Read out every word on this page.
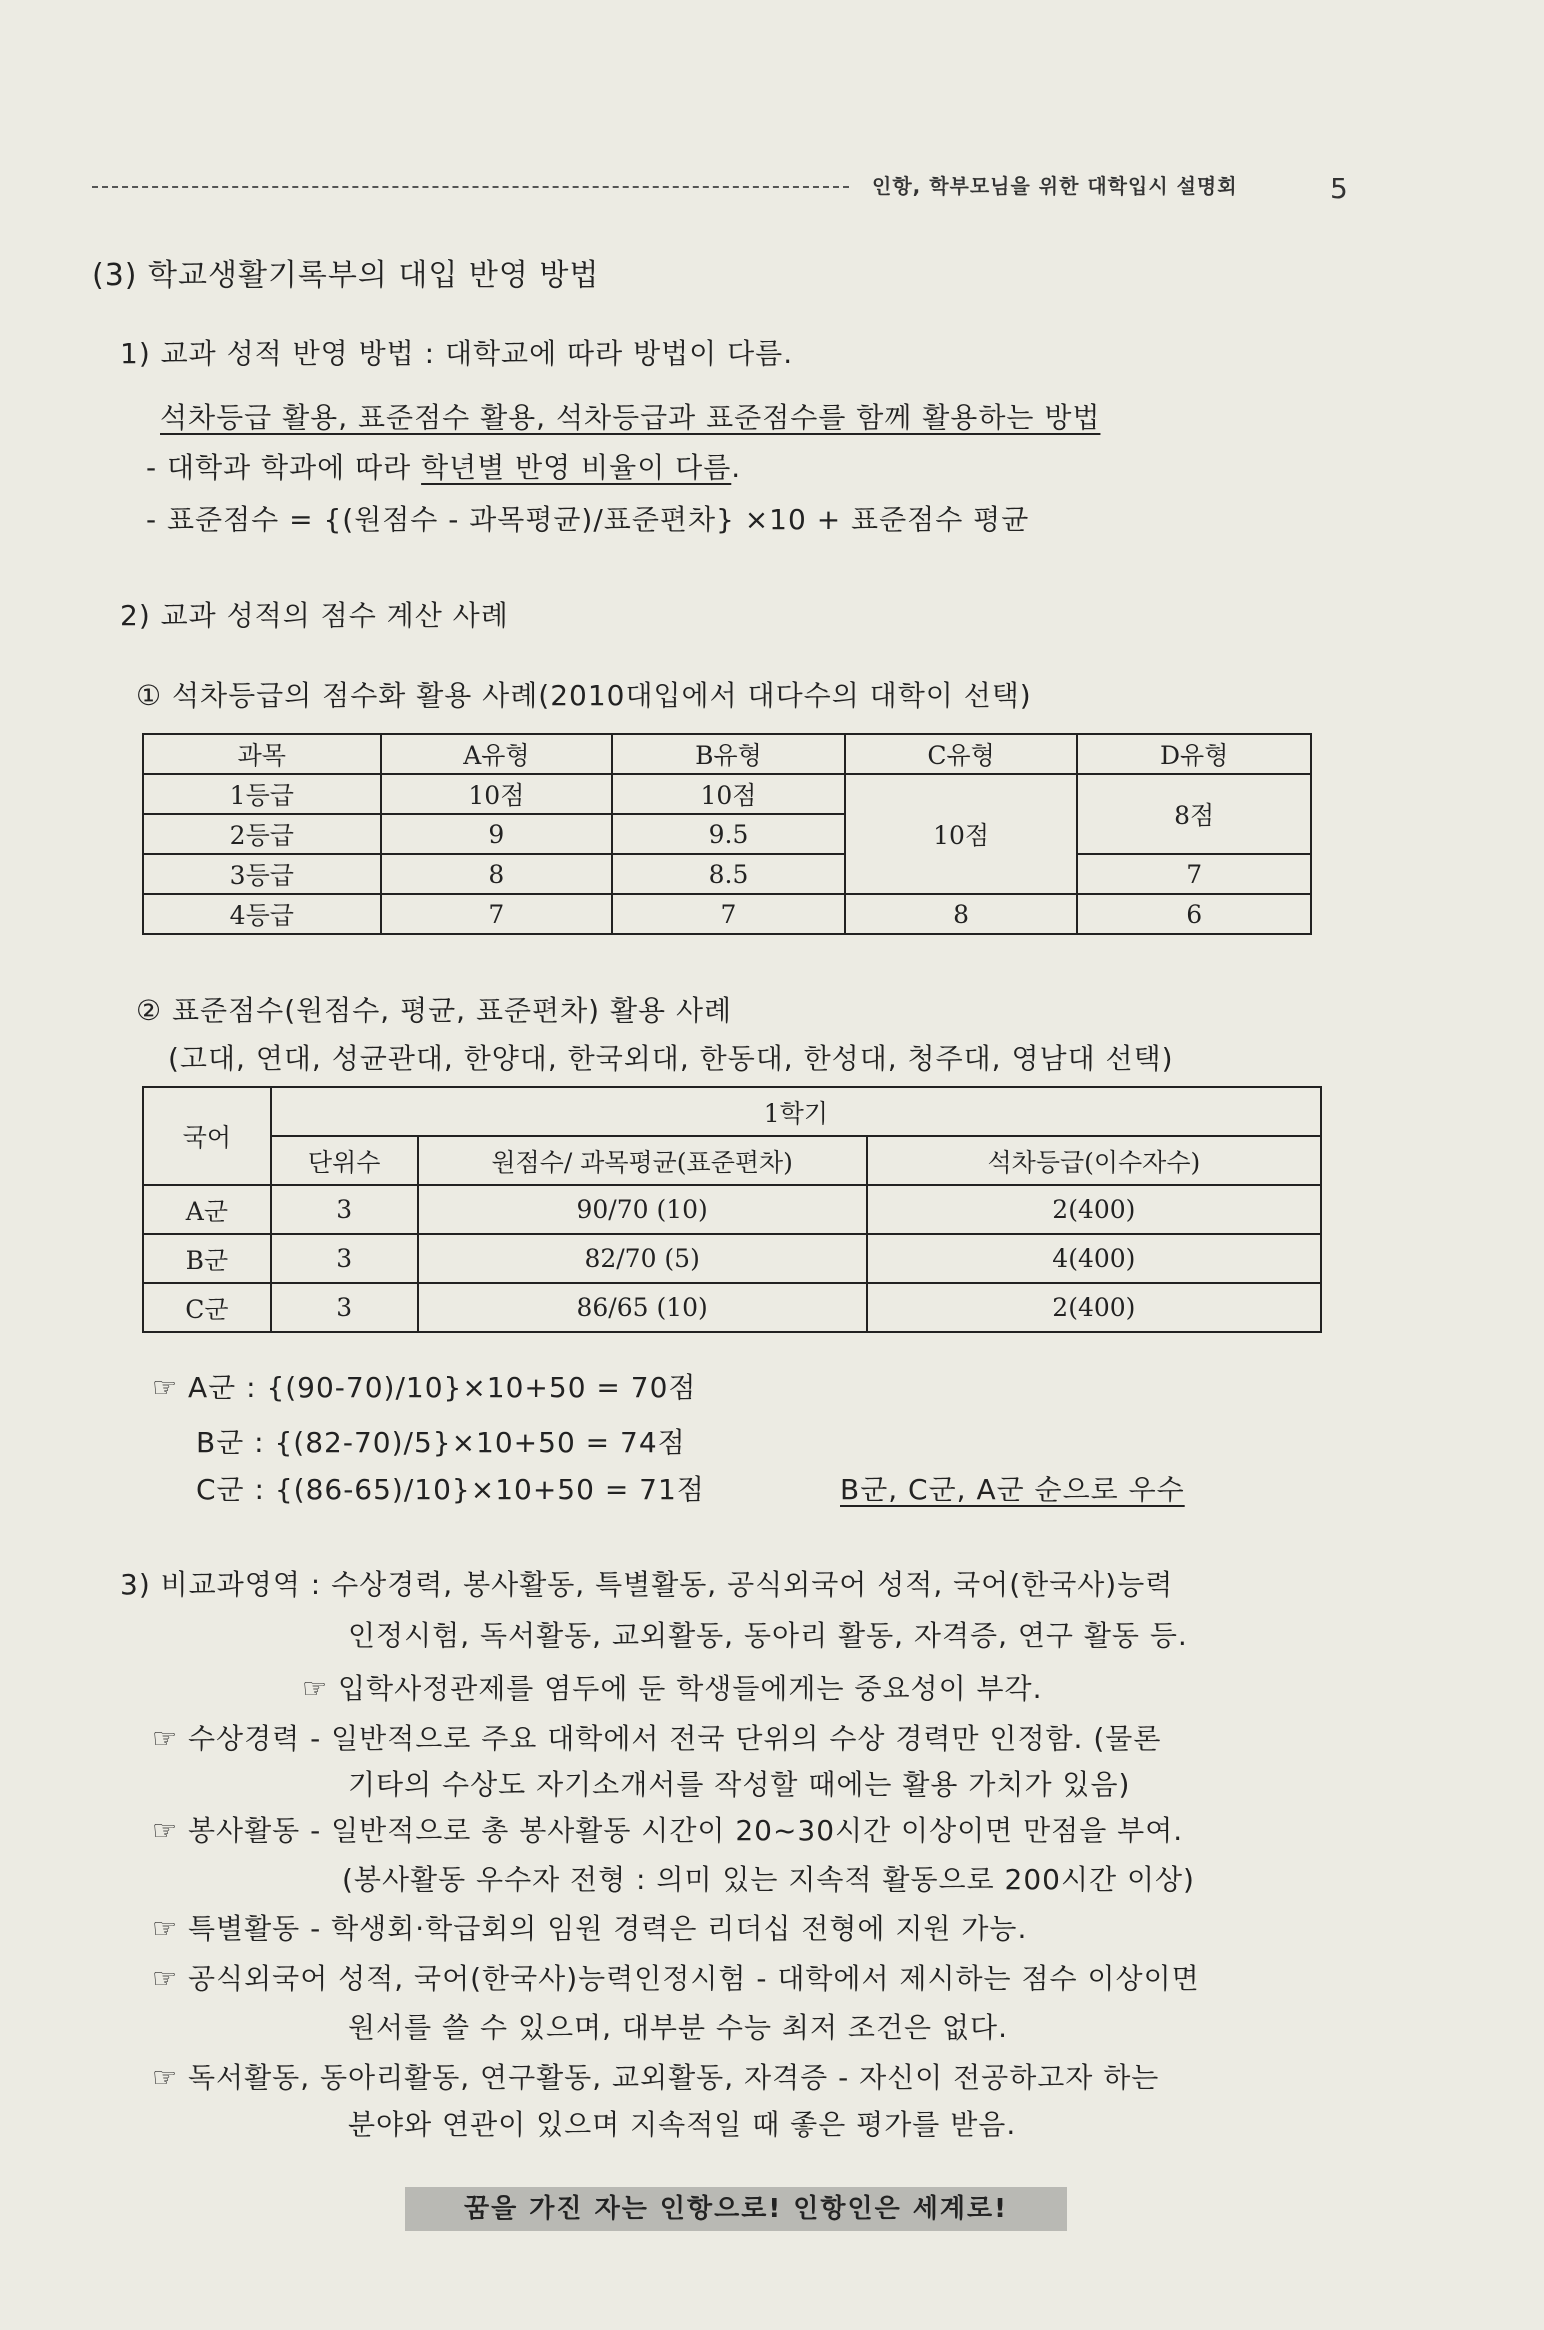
인항, 학부모님을 위한 대학입시 설명회	5
(3) 학교생활기록부의 대입 반영 방법
1) 교과 성적 반영 방법 : 대학교에 따라 방법이 다름.
석차등급 활용, 표준점수 활용, 석차등급과 표준점수를 함께 활용하는 방법
- 대학과 학과에 따라 학년별 반영 비율이 다름.
- 표준점수 = {(원점수 - 과목평균)/표준편차} ×10 + 표준점수 평균
2) 교과 성적의 점수 계산 사례
① 석차등급의 점수화 활용 사례(2010대입에서 대다수의 대학이 선택)
과목	A유형	B유형	C유형	D유형
1등급	10점	10점	10점	8점
2등급	9	9.5		
3등급	8	8.5		7
4등급	7	7	8	6
② 표준점수(원점수, 평균, 표준편차) 활용 사례
(고대, 연대, 성균관대, 한양대, 한국외대, 한동대, 한성대, 청주대, 영남대 선택)
국어	1학기		
	단위수	원점수/ 과목평균(표준편차)	석차등급(이수자수)
A군	3	90/70 (10)	2(400)
B군	3	82/70 (5)	4(400)
C군	3	86/65 (10)	2(400)
☞ A군 : {(90-70)/10}×10+50 = 70점
B군 : {(82-70)/5}×10+50 = 74점
C군 : {(86-65)/10}×10+50 = 71점	B군, C군, A군 순으로 우수
3) 비교과영역 : 수상경력, 봉사활동, 특별활동, 공식외국어 성적, 국어(한국사)능력
인정시험, 독서활동, 교외활동, 동아리 활동, 자격증, 연구 활동 등.
☞ 입학사정관제를 염두에 둔 학생들에게는 중요성이 부각.
☞ 수상경력 - 일반적으로 주요 대학에서 전국 단위의 수상 경력만 인정함. (물론
기타의 수상도 자기소개서를 작성할 때에는 활용 가치가 있음)
☞ 봉사활동 - 일반적으로 총 봉사활동 시간이 20~30시간 이상이면 만점을 부여.
(봉사활동 우수자 전형 : 의미 있는 지속적 활동으로 200시간 이상)
☞ 특별활동 - 학생회·학급회의 임원 경력은 리더십 전형에 지원 가능.
☞ 공식외국어 성적, 국어(한국사)능력인정시험 - 대학에서 제시하는 점수 이상이면
원서를 쓸 수 있으며, 대부분 수능 최저 조건은 없다.
☞ 독서활동, 동아리활동, 연구활동, 교외활동, 자격증 - 자신이 전공하고자 하는
분야와 연관이 있으며 지속적일 때 좋은 평가를 받음.
꿈을 가진 자는 인항으로! 인항인은 세계로!
